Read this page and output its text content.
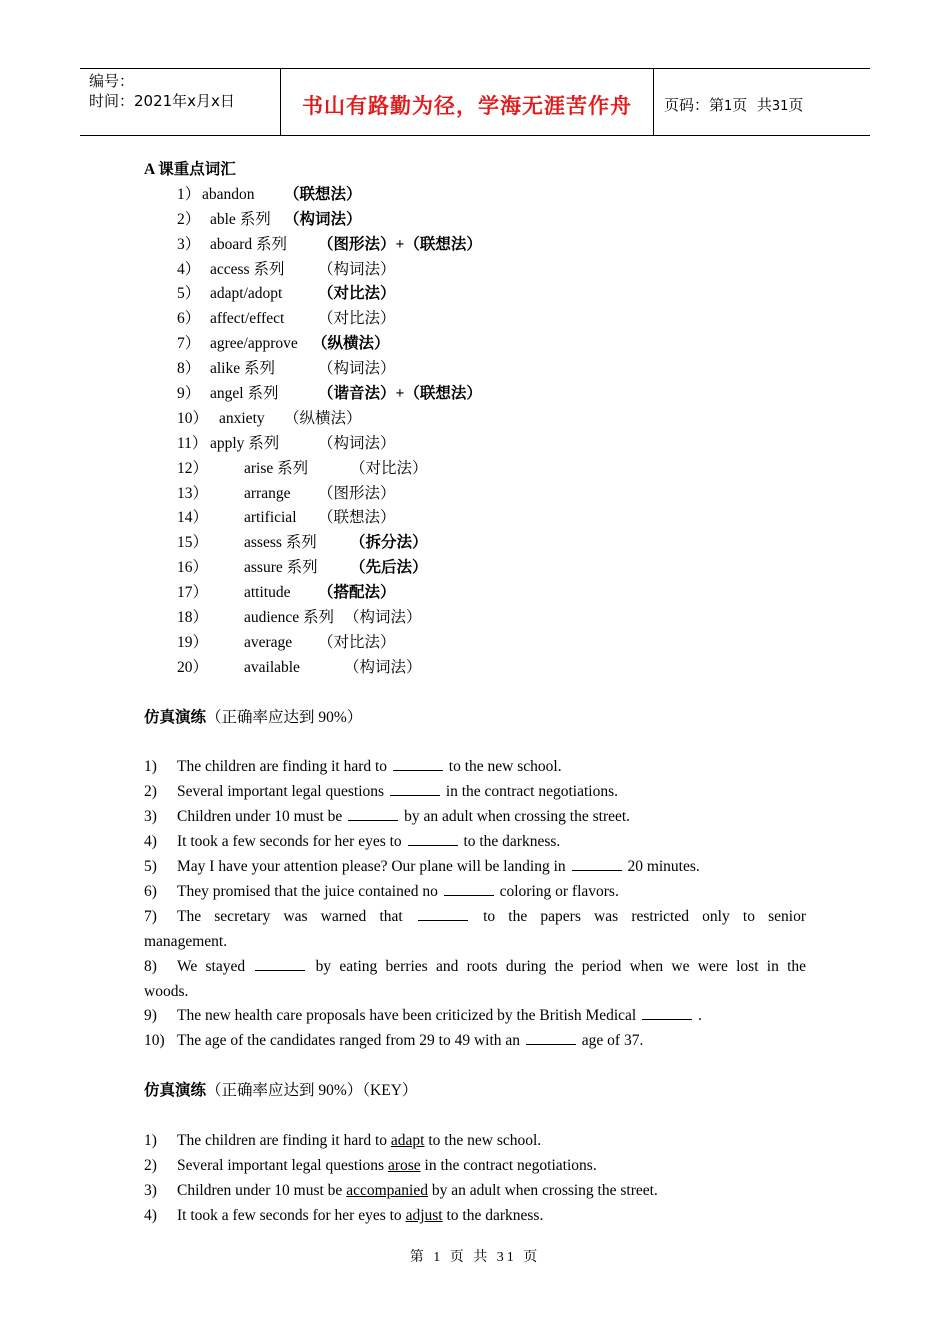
编号：
时间：2021年x月x日	书山有路勤为径，学海无涯苦作舟	页码：第1页  共31页
A 课重点词汇
1） abandon （联想法）
2） able 系列 （构词法）
3） aboard 系列 （图形法）+（联想法）
4） access 系列 （构词法）
5） adapt/adopt （对比法）
6） affect/effect （对比法）
7） agree/approve （纵横法）
8） alike 系列	（构词法）
9） angel 系列	（谐音法）+（联想法）
10） anxiety （纵横法）
11） apply 系列 （构词法）
12） arise 系列	（对比法）
13） arrange （图形法）
14） artificial （联想法）
15） assess 系列 （拆分法）
16） assure 系列 （先后法）
17） attitude （搭配法）
18） audience 系列 （构词法）
19） average （对比法）
20） available	（构词法）
仿真演练（正确率应达到 90%）
1)	The children are finding it hard to	to the new school.
2)	Several important legal questions	in the contract negotiations.
3)	Children under 10 must be	by an adult when crossing the street.
4)	It took a few seconds for her eyes to	to the darkness.
5)	May I have your attention please? Our plane will be landing in	20 minutes.
6)	They promised that the juice contained no	coloring or flavors.
7) The secretary was warned that	to the papers was restricted only to senior
management.
8) We stayed	by eating berries and roots during the period when we were lost in the
woods.
9)	The new health care proposals have been criticized by the British Medical	.
10) The age of the candidates ranged from 29 to 49 with an	age of 37.
仿真演练（正确率应达到 90%）（KEY）
1)	The children are finding it hard to adapt to the new school.
2)	Several important legal questions arose in the contract negotiations.
3)	Children under 10 must be accompanied by an adult when crossing the street.
4)	It took a few seconds for her eyes to adjust to the darkness.
第 1 页 共 31 页
